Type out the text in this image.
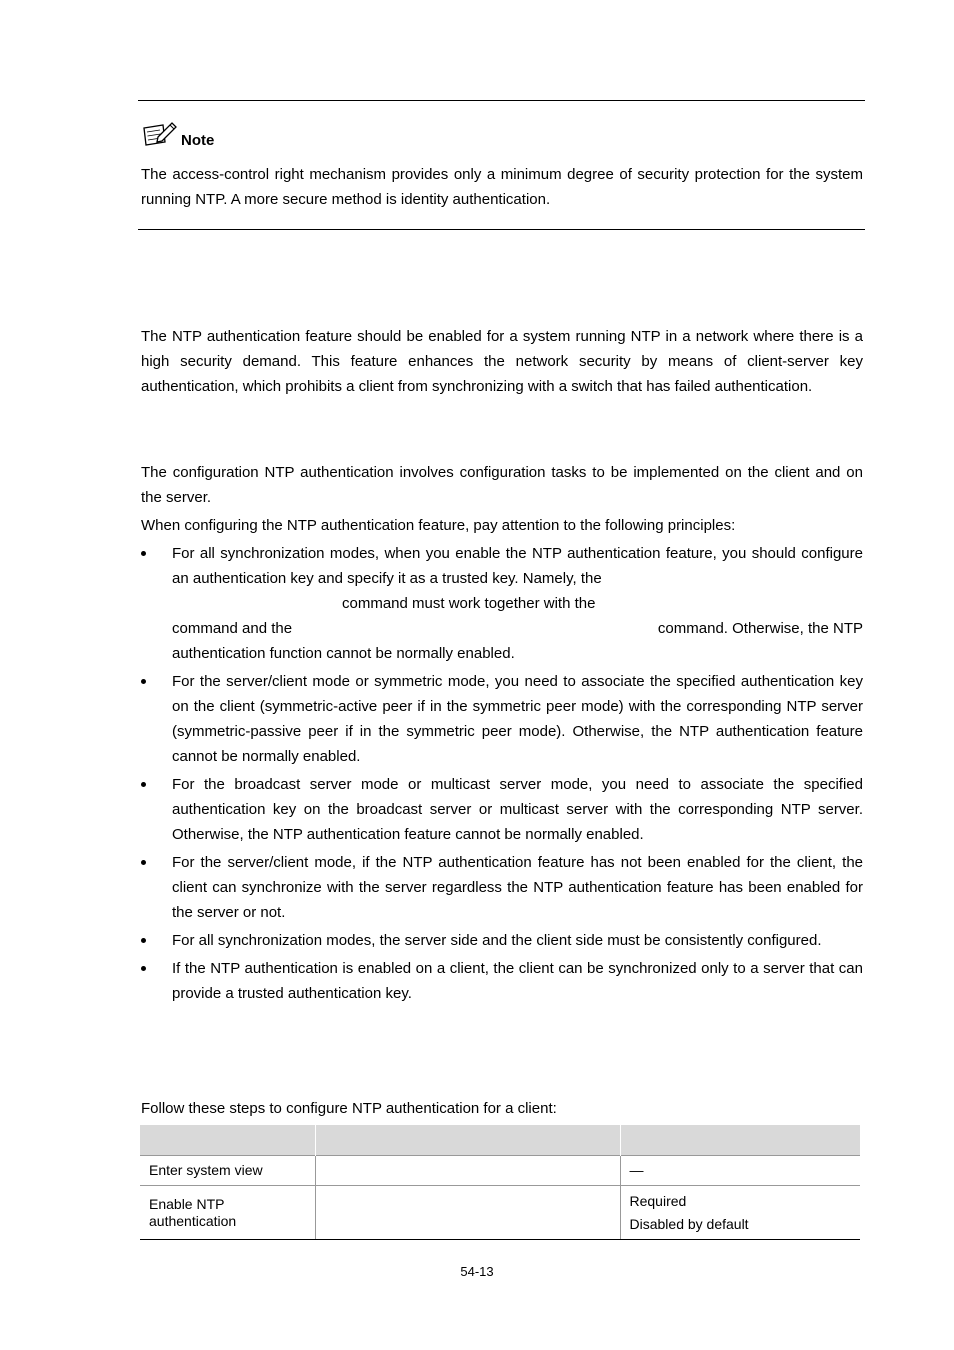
Note

The access-control right mechanism provides only a minimum degree of security protection for the system running NTP. A more secure method is identity authentication.

The NTP authentication feature should be enabled for a system running NTP in a network where there is a high security demand. This feature enhances the network security by means of client-server key authentication, which prohibits a client from synchronizing with a switch that has failed authentication.

The configuration NTP authentication involves configuration tasks to be implemented on the client and on the server.

When configuring the NTP authentication feature, pay attention to the following principles:

For all synchronization modes, when you enable the NTP authentication feature, you should configure an authentication key and specify it as a trusted key. Namely, the
command must work together with the
command and the	command. Otherwise, the NTP
authentication function cannot be normally enabled.
For the server/client mode or symmetric mode, you need to associate the specified authentication key on the client (symmetric-active peer if in the symmetric peer mode) with the corresponding NTP server (symmetric-passive peer if in the symmetric peer mode). Otherwise, the NTP authentication feature cannot be normally enabled.
For the broadcast server mode or multicast server mode, you need to associate the specified authentication key on the broadcast server or multicast server with the corresponding NTP server. Otherwise, the NTP authentication feature cannot be normally enabled.
For the server/client mode, if the NTP authentication feature has not been enabled for the client, the client can synchronize with the server regardless the NTP authentication feature has been enabled for the server or not.
For all synchronization modes, the server side and the client side must be consistently configured.
If the NTP authentication is enabled on a client, the client can be synchronized only to a server that can provide a trusted authentication key.

Follow these steps to configure NTP authentication for a client:

Enter system view		—
Enable NTP authentication		Required
Disabled by default
54-13
